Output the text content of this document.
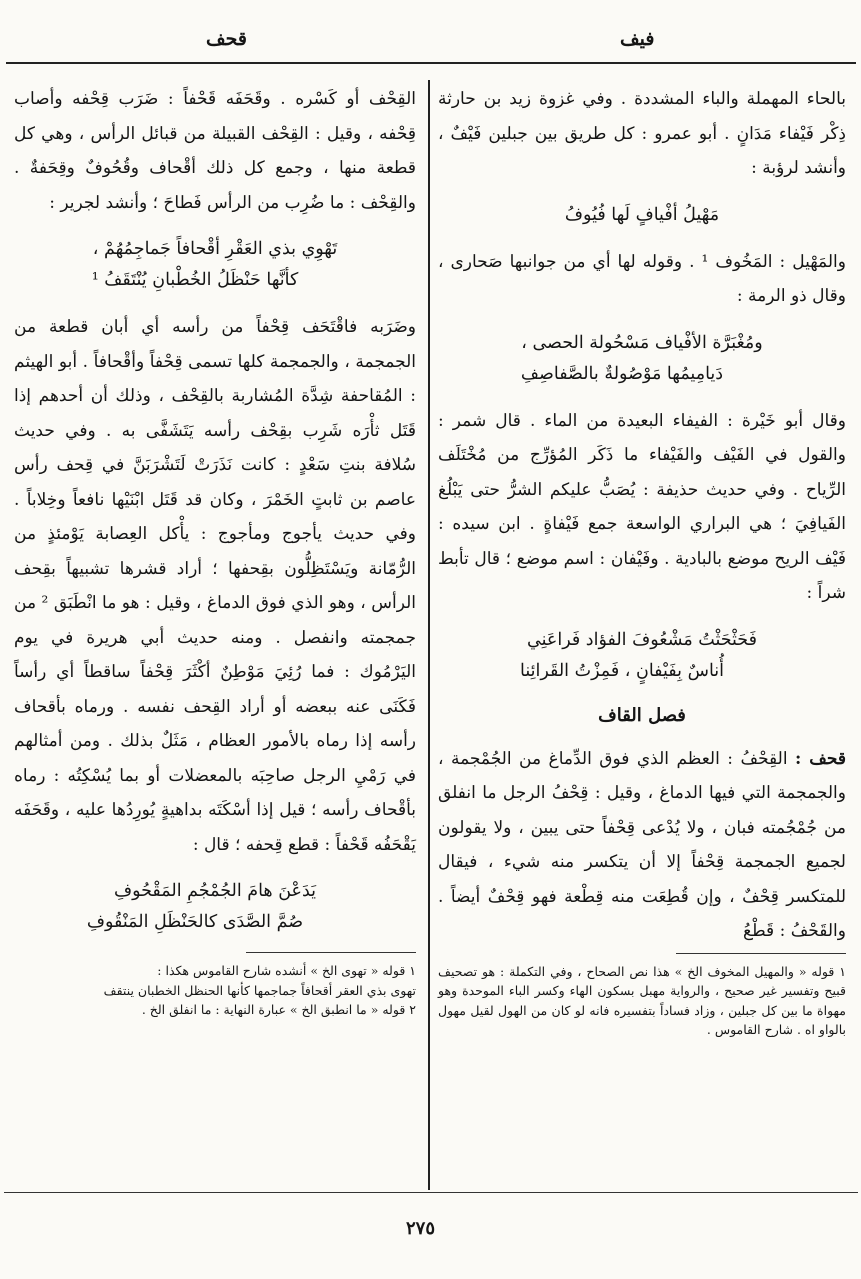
فيف
قحف

بالحاء المهملة والباء المشددة . وفي غزوة زيد بن حارثة ذِكْر فَيْفاء مَدَانٍ . أبو عمرو : كل طريق بين جبلين فَيْفٌ ، وأنشد لرؤبة :

مَهْيلُ أفْيافٍ لَها فُيُوفُ

والمَهْيل : المَخُوف ¹ . وقوله لها أي من جوانبها صَحارى ، وقال ذو الرمة :

ومُغْبَرَّة الأفْياف مَسْحُولة الحصى ،
دَيامِيمُها مَوْصُولةٌ بالصَّفاصِفِ

وقال أبو خَيْرة : الفيفاء البعيدة من الماء . قال شمر : والقول في الفَيْف والفَيْفاء ما ذَكَر المُؤرِّج من مُخْتَلَف الرِّياح . وفي حديث حذيفة : يُصَبُّ عليكم الشرُّ حتى يَبْلُغ الفَيافِيَ ؛ هي البراري الواسعة جمع فَيْفاةٍ . ابن سيده : فَيْف الريح موضع بالبادية . وفَيْفان : اسم موضع ؛ قال تأبط شراً :

فَحَثْحَثْتُ مَشْعُوفَ الفؤاد فَراعَنِي
أُناسٌ بِفَيْفانٍ ، فَمِزْتُ القَرائِنا
فصل القاف

قحف : القِحْفُ : العظم الذي فوق الدِّماغ من الجُمْجمة ، والجمجمة التي فيها الدماغ ، وقيل : قِحْفُ الرجل ما انفلق من جُمْجُمته فبان ، ولا يُدْعى قِحْفاً حتى يبين ، ولا يقولون لجميع الجمجمة قِحْفاً إلا أن يتكسر منه شيء ، فيقال للمتكسر قِحْفٌ ، وإن قُطِعَت منه قِطْعة فهو قِحْفٌ أيضاً . والقَحْفُ : قَطْعُ

١ قوله « والمهيل المخوف الخ » هذا نص الصحاح ، وفي التكملة : هو تصحيف قبيح وتفسير غير صحيح ، والرواية مهبل بسكون الهاء وكسر الباء الموحدة وهو مهواة ما بين كل جبلين ، وزاد فساداً بتفسيره فانه لو كان من الهول لقيل مهول بالواو اه . شارح القاموس .

القِحْف أو كَسْره . وقَحَفَه قَحْفاً : ضَرَب قِحْفه وأصاب قِحْفه ، وقيل : القِحْف القبيلة من قبائل الرأس ، وهي كل قطعة منها ، وجمع كل ذلك أقْحاف وقُحُوفٌ وقِحَفةٌ . والقِحْف : ما ضُرِب من الرأس فَطاحَ ؛ وأنشد لجرير :

تَهْوِي بذي العَقْرِ أقْحافاً جَماجِمُهُمْ ،
كأنَّها حَنْظَلُ الخُطْبانِ يُنْتَقَفُ ¹

وضَرَبه فاقْتَحَف قِحْفاً من رأسه أي أبان قطعة من الجمجمة ، والجمجمة كلها تسمى قِحْفاً وأقْحافاً . أبو الهيثم : المُقاحفة شِدَّة المُشاربة بالقِحْف ، وذلك أن أحدهم إذا قَتَل ثأْرَه شَرِب بقِحْف رأسه يَتَشَفَّى به . وفي حديث سُلافة بنتِ سَعْدٍ : كانت نَذَرَتْ لَتَشْرَبَنَّ في قِحف رأس عاصم بن ثابتٍ الخَمْرَ ، وكان قد قَتَل ابْنَيْها نافعاً وخِلاباً . وفي حديث يأجوج ومأجوج : يأْكل العِصابة يَوْمئذٍ من الرُّمّانة ويَسْتَظِلُّون بقِحفها ؛ أراد قشرها تشبيهاً بقِحف الرأس ، وهو الذي فوق الدماغ ، وقيل : هو ما انْطَبَق ² من جمجمته وانفصل . ومنه حديث أبي هريرة في يوم اليَرْمُوك : فما رُئِيَ مَوْطِنٌ أكْثَرَ قِحْفاً ساقطاً أي رأساً فَكَنَى عنه ببعضه أو أراد القِحف نفسه . ورماه بأقحاف رأسه إذا رماه بالأمور العظام ، مَثَلٌ بذلك . ومن أمثالهم في رَمْيِ الرجل صاحِبَه بالمعضلات أو بما يُسْكِتُه : رماه بأقْحاف رأسه ؛ قيل إذا أسْكَتَه بداهيةٍ يُورِدُها عليه ، وقَحَفَه يَقْحَفُه قَحْفاً : قطع قِحفه ؛ قال :

يَدَعْنَ هامَ الجُمْجُمِ المَقْحُوفِ
صُمَّ الصَّدَى كالحَنْظَلِ المَنْقُوفِ

١ قوله « تهوى الخ » أنشده شارح القاموس هكذا :

تهوى بذي العقر أقحافاً جماجمها كأنها الحنظل الخطبان ينتقف

٢ قوله « ما انطبق الخ » عبارة النهاية : ما انفلق الخ .

٢٧٥
